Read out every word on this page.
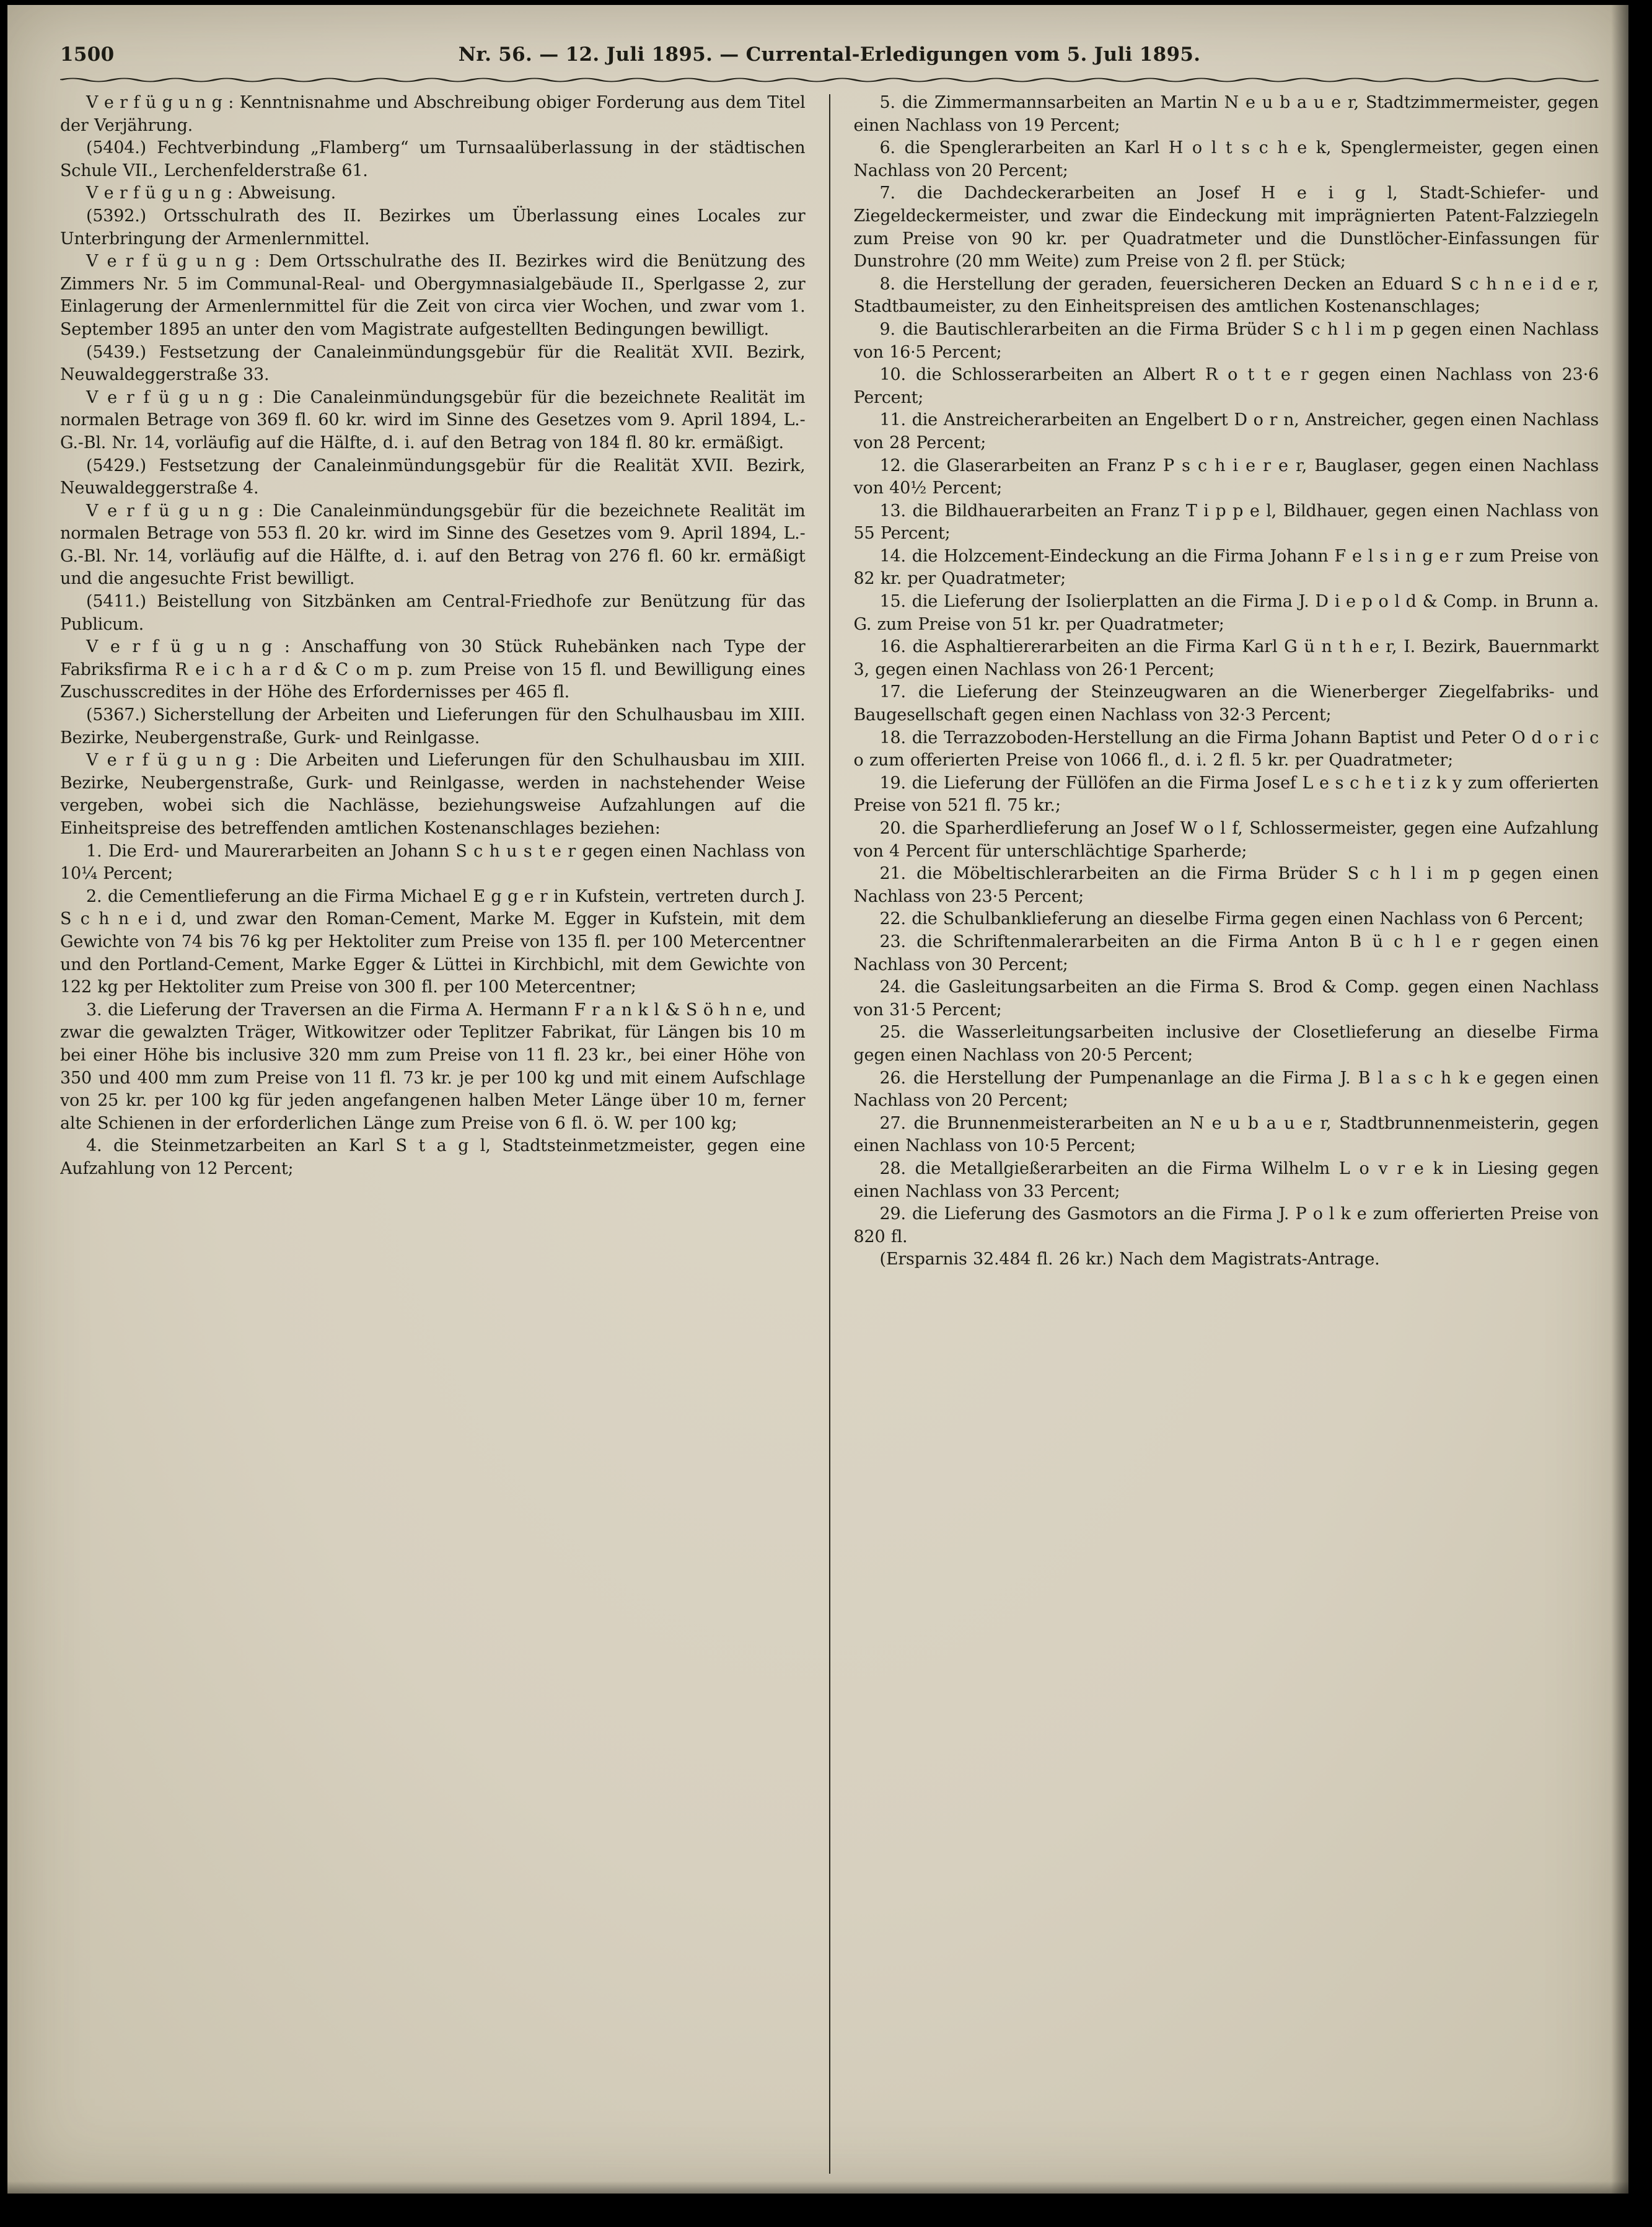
1500	Nr. 56. — 12. Juli 1895. — Currental-Erledigungen vom 5. Juli 1895.

V e r f ü g u n g : Kenntnisnahme und Abschreibung obiger Forderung aus dem Titel der Verjährung.

(5404.) Fechtverbindung „Flamberg“ um Turnsaalüberlassung in der städtischen Schule VII., Lerchenfelderstraße 61.

V e r f ü g u n g : Abweisung.

(5392.) Ortsschulrath des II. Bezirkes um Überlassung eines Locales zur Unterbringung der Armenlernmittel.

V e r f ü g u n g : Dem Ortsschulrathe des II. Bezirkes wird die Benützung des Zimmers Nr. 5 im Communal-Real- und Obergymnasialgebäude II., Sperlgasse 2, zur Einlagerung der Armenlernmittel für die Zeit von circa vier Wochen, und zwar vom 1. September 1895 an unter den vom Magistrate aufgestellten Bedingungen bewilligt.

(5439.) Festsetzung der Canaleinmündungsgebür für die Realität XVII. Bezirk, Neuwaldeggerstraße 33.

V e r f ü g u n g : Die Canaleinmündungsgebür für die bezeichnete Realität im normalen Betrage von 369 fl. 60 kr. wird im Sinne des Gesetzes vom 9. April 1894, L.-G.-Bl. Nr. 14, vorläufig auf die Hälfte, d. i. auf den Betrag von 184 fl. 80 kr. ermäßigt.

(5429.) Festsetzung der Canaleinmündungsgebür für die Realität XVII. Bezirk, Neuwaldeggerstraße 4.

V e r f ü g u n g : Die Canaleinmündungsgebür für die bezeichnete Realität im normalen Betrage von 553 fl. 20 kr. wird im Sinne des Gesetzes vom 9. April 1894, L.-G.-Bl. Nr. 14, vorläufig auf die Hälfte, d. i. auf den Betrag von 276 fl. 60 kr. ermäßigt und die angesuchte Frist bewilligt.

(5411.) Beistellung von Sitzbänken am Central-Friedhofe zur Benützung für das Publicum.

V e r f ü g u n g : Anschaffung von 30 Stück Ruhebänken nach Type der Fabriksfirma R e i c h a r d & C o m p. zum Preise von 15 fl. und Bewilligung eines Zuschusscredites in der Höhe des Erfordernisses per 465 fl.

(5367.) Sicherstellung der Arbeiten und Lieferungen für den Schulhausbau im XIII. Bezirke, Neubergenstraße, Gurk- und Reinlgasse.

V e r f ü g u n g : Die Arbeiten und Lieferungen für den Schulhausbau im XIII. Bezirke, Neubergenstraße, Gurk- und Reinlgasse, werden in nachstehender Weise vergeben, wobei sich die Nachlässe, beziehungsweise Aufzahlungen auf die Einheitspreise des betreffenden amtlichen Kostenanschlages beziehen:

1. Die Erd- und Maurerarbeiten an Johann S c h u s t e r gegen einen Nachlass von 10¼ Percent;

2. die Cementlieferung an die Firma Michael E g g e r in Kufstein, vertreten durch J. S c h n e i d, und zwar den Roman-Cement, Marke M. Egger in Kufstein, mit dem Gewichte von 74 bis 76 kg per Hektoliter zum Preise von 135 fl. per 100 Metercentner und den Portland-Cement, Marke Egger & Lüttei in Kirchbichl, mit dem Gewichte von 122 kg per Hektoliter zum Preise von 300 fl. per 100 Metercentner;

3. die Lieferung der Traversen an die Firma A. Hermann F r a n k l & S ö h n e, und zwar die gewalzten Träger, Witkowitzer oder Teplitzer Fabrikat, für Längen bis 10 m bei einer Höhe bis inclusive 320 mm zum Preise von 11 fl. 23 kr., bei einer Höhe von 350 und 400 mm zum Preise von 11 fl. 73 kr. je per 100 kg und mit einem Aufschlage von 25 kr. per 100 kg für jeden angefangenen halben Meter Länge über 10 m, ferner alte Schienen in der erforderlichen Länge zum Preise von 6 fl. ö. W. per 100 kg;

4. die Steinmetzarbeiten an Karl S t a g l, Stadtsteinmetzmeister, gegen eine Aufzahlung von 12 Percent;

5. die Zimmermannsarbeiten an Martin N e u b a u e r, Stadtzimmermeister, gegen einen Nachlass von 19 Percent;

6. die Spenglerarbeiten an Karl H o l t s c h e k, Spenglermeister, gegen einen Nachlass von 20 Percent;

7. die Dachdeckerarbeiten an Josef H e i g l, Stadt-Schiefer- und Ziegeldeckermeister, und zwar die Eindeckung mit imprägnierten Patent-Falzziegeln zum Preise von 90 kr. per Quadratmeter und die Dunstlöcher-Einfassungen für Dunstrohre (20 mm Weite) zum Preise von 2 fl. per Stück;

8. die Herstellung der geraden, feuersicheren Decken an Eduard S c h n e i d e r, Stadtbaumeister, zu den Einheitspreisen des amtlichen Kostenanschlages;

9. die Bautischlerarbeiten an die Firma Brüder S c h l i m p gegen einen Nachlass von 16·5 Percent;

10. die Schlosserarbeiten an Albert R o t t e r gegen einen Nachlass von 23·6 Percent;

11. die Anstreicherarbeiten an Engelbert D o r n, Anstreicher, gegen einen Nachlass von 28 Percent;

12. die Glaserarbeiten an Franz P s c h i e r e r, Bauglaser, gegen einen Nachlass von 40½ Percent;

13. die Bildhauerarbeiten an Franz T i p p e l, Bildhauer, gegen einen Nachlass von 55 Percent;

14. die Holzcement-Eindeckung an die Firma Johann F e l s i n g e r zum Preise von 82 kr. per Quadratmeter;

15. die Lieferung der Isolierplatten an die Firma J. D i e p o l d & Comp. in Brunn a. G. zum Preise von 51 kr. per Quadratmeter;

16. die Asphaltiererarbeiten an die Firma Karl G ü n t h e r, I. Bezirk, Bauernmarkt 3, gegen einen Nachlass von 26·1 Percent;

17. die Lieferung der Steinzeugwaren an die Wienerberger Ziegelfabriks- und Baugesellschaft gegen einen Nachlass von 32·3 Percent;

18. die Terrazzoboden-Herstellung an die Firma Johann Baptist und Peter O d o r i c o zum offerierten Preise von 1066 fl., d. i. 2 fl. 5 kr. per Quadratmeter;

19. die Lieferung der Füllöfen an die Firma Josef L e s c h e t i z k y zum offerierten Preise von 521 fl. 75 kr.;

20. die Sparherdlieferung an Josef W o l f, Schlossermeister, gegen eine Aufzahlung von 4 Percent für unterschlächtige Sparherde;

21. die Möbeltischlerarbeiten an die Firma Brüder S c h l i m p gegen einen Nachlass von 23·5 Percent;

22. die Schulbanklieferung an dieselbe Firma gegen einen Nachlass von 6 Percent;

23. die Schriftenmalerarbeiten an die Firma Anton B ü c h l e r gegen einen Nachlass von 30 Percent;

24. die Gasleitungsarbeiten an die Firma S. Brod & Comp. gegen einen Nachlass von 31·5 Percent;

25. die Wasserleitungsarbeiten inclusive der Closetlieferung an dieselbe Firma gegen einen Nachlass von 20·5 Percent;

26. die Herstellung der Pumpenanlage an die Firma J. B l a s c h k e gegen einen Nachlass von 20 Percent;

27. die Brunnenmeisterarbeiten an N e u b a u e r, Stadtbrunnenmeisterin, gegen einen Nachlass von 10·5 Percent;

28. die Metallgießerarbeiten an die Firma Wilhelm L o v r e k in Liesing gegen einen Nachlass von 33 Percent;

29. die Lieferung des Gasmotors an die Firma J. P o l k e zum offerierten Preise von 820 fl.

(Ersparnis 32.484 fl. 26 kr.) Nach dem Magistrats-Antrage.
